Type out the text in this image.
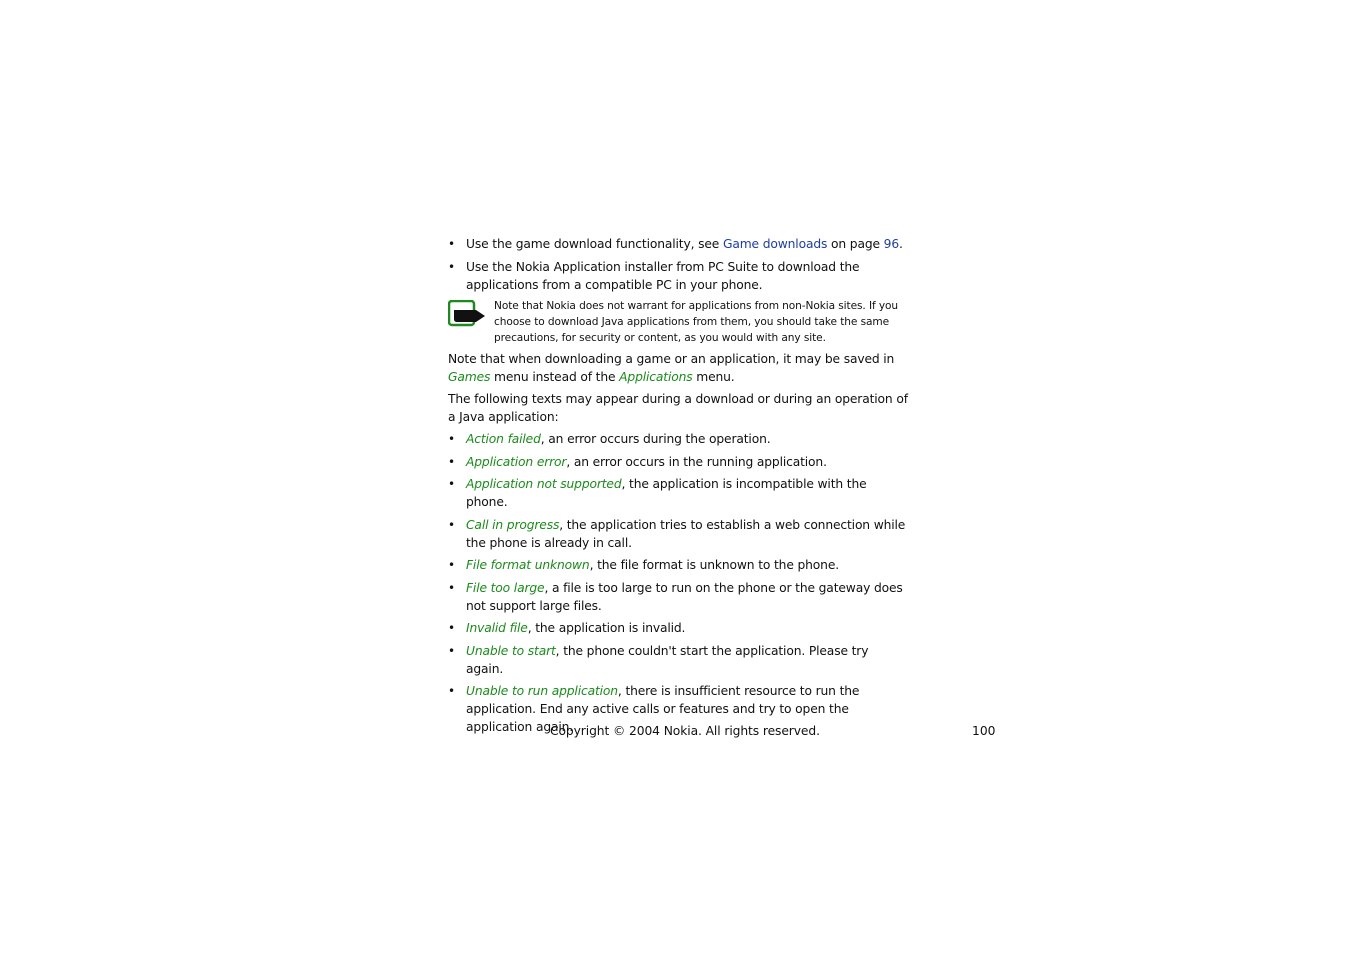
• Use the game download functionality, see Game downloads on page 96.
• Use the Nokia Application installer from PC Suite to download the applications from a compatible PC in your phone.
Note that Nokia does not warrant for applications from non-Nokia sites. If you choose to download Java applications from them, you should take the same precautions, for security or content, as you would with any site.

Note that when downloading a game or an application, it may be saved in Games menu instead of the Applications menu.

The following texts may appear during a download or during an operation of a Java application:

• Action failed, an error occurs during the operation.
• Application error, an error occurs in the running application.
• Application not supported, the application is incompatible with the phone.
• Call in progress, the application tries to establish a web connection while the phone is already in call.
• File format unknown, the file format is unknown to the phone.
• File too large, a file is too large to run on the phone or the gateway does not support large files.
• Invalid file, the application is invalid.
• Unable to start, the phone couldn't start the application. Please try again.
• Unable to run application, there is insufficient resource to run the application. End any active calls or features and try to open the application again.
Copyright © 2004 Nokia. All rights reserved.	100
